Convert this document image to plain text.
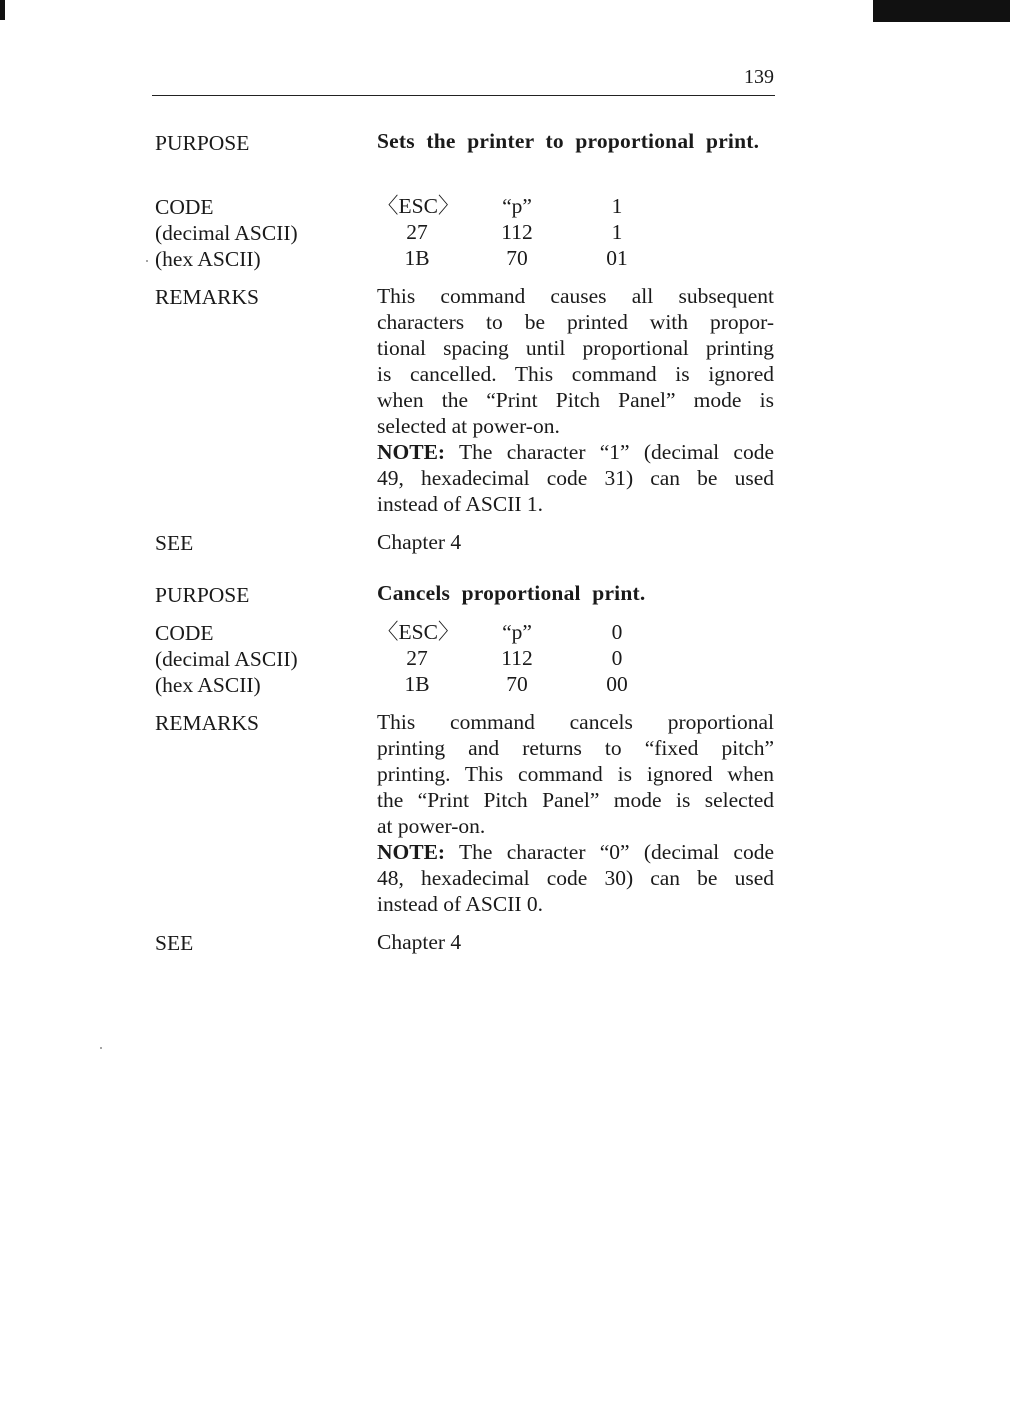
139
PURPOSE	Sets the printer to proportional print.
CODE
(decimal ASCII)
(hex ASCII)
〈ESC〉	“p”	1
27	112	1
1B	70	01
REMARKS	This command causes all subsequent
characters to be printed with propor-
tional spacing until proportional printing
is cancelled. This command is ignored
when the “Print Pitch Panel” mode is
selected at power-on.
NOTE: The character “1” (decimal code
49, hexadecimal code 31) can be used
instead of ASCII 1.
SEE	Chapter 4
PURPOSE	Cancels proportional print.
CODE
(decimal ASCII)
(hex ASCII)
〈ESC〉	“p”	0
27	112	0
1B	70	00
REMARKS	This command cancels proportional
printing and returns to “fixed pitch”
printing. This command is ignored when
the “Print Pitch Panel” mode is selected
at power-on.
NOTE: The character “0” (decimal code
48, hexadecimal code 30) can be used
instead of ASCII 0.
SEE	Chapter 4
